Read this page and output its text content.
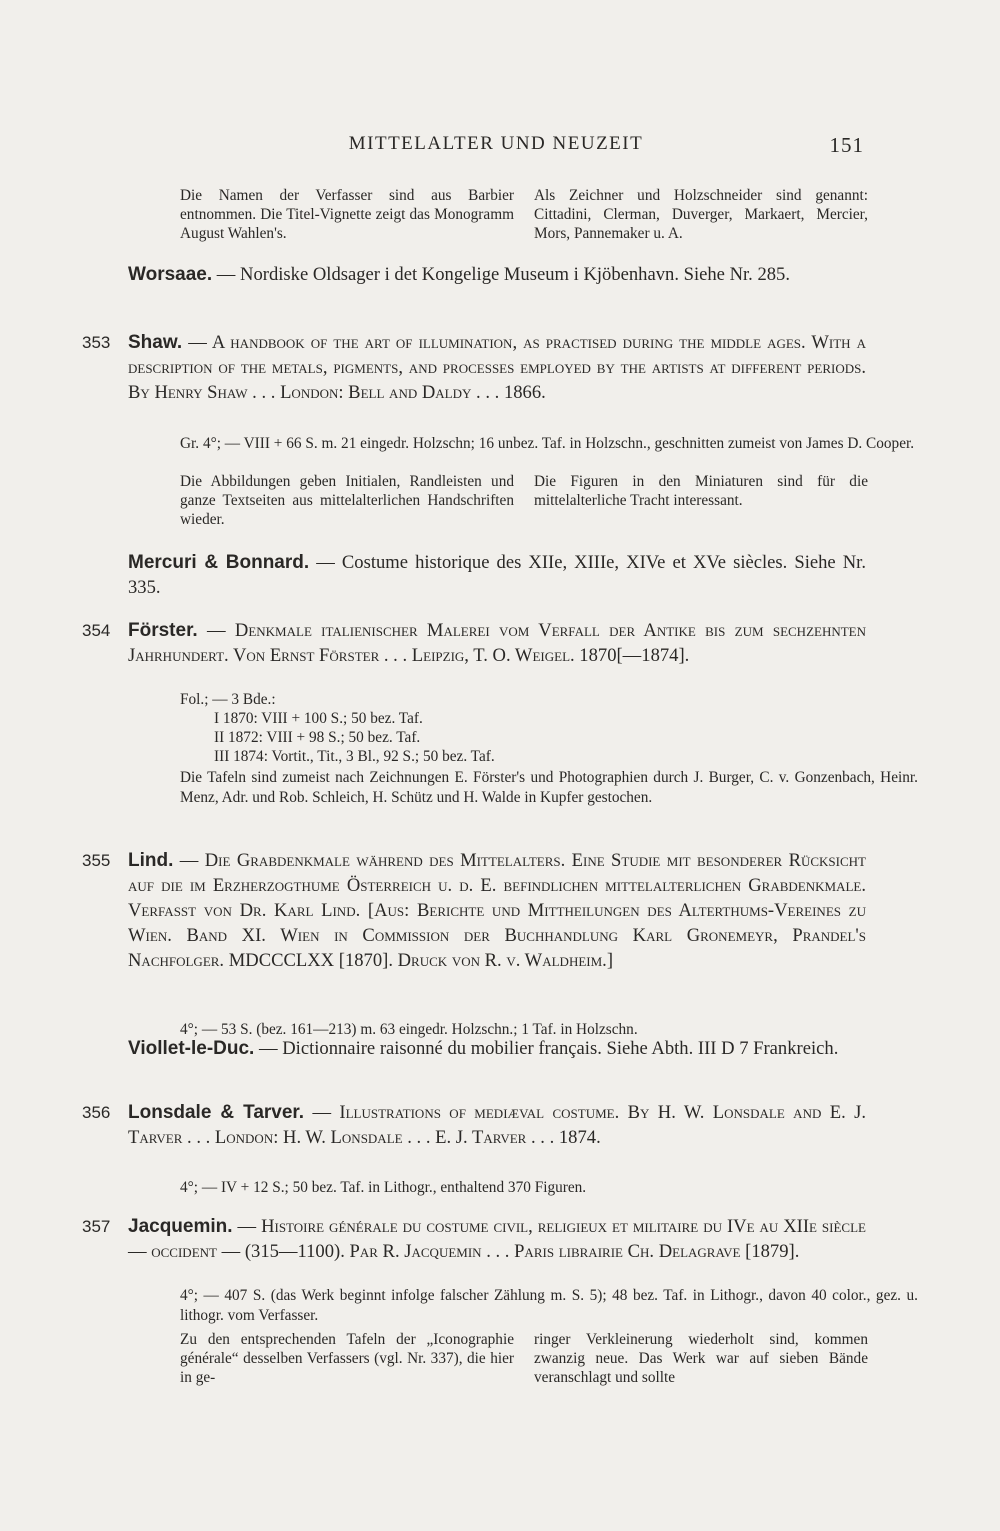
MITTELALTER UND NEUZEIT	151
Die Namen der Verfasser sind aus Barbier entnommen. Die Titel-Vignette zeigt das Monogramm August Wahlen's.
Als Zeichner und Holzschneider sind genannt: Cittadini, Clerman, Duverger, Markaert, Mercier, Mors, Pannemaker u. A.
Worsaae. — Nordiske Oldsager i det Kongelige Museum i Kjöbenhavn. Siehe Nr. 285.
353 Shaw. — A handbook of the art of illumination, as practised during the middle ages. With a description of the metals, pigments, and processes employed by the artists at different periods. By Henry Shaw . . . London: Bell and Daldy . . . 1866.
Gr. 4°; — VIII + 66 S. m. 21 eingedr. Holzschn; 16 unbez. Taf. in Holzschn., geschnitten zumeist von James D. Cooper.
Die Abbildungen geben Initialen, Randleisten und ganze Textseiten aus mittelalterlichen Handschriften wieder.
Die Figuren in den Miniaturen sind für die mittelalterliche Tracht interessant.
Mercuri & Bonnard. — Costume historique des XIIe, XIIIe, XIVe et XVe siècles. Siehe Nr. 335.
354 Förster. — Denkmale italienischer Malerei vom Verfall der Antike bis zum sechzehnten Jahrhundert. Von Ernst Förster . . . Leipzig, T. O. Weigel. 1870[—1874].
Fol.; — 3 Bde.:
I 1870: VIII + 100 S.; 50 bez. Taf.
II 1872: VIII + 98 S.; 50 bez. Taf.
III 1874: Vortit., Tit., 3 Bl., 92 S.; 50 bez. Taf.
Die Tafeln sind zumeist nach Zeichnungen E. Förster's und Photographien durch J. Burger, C. v. Gonzenbach, Heinr. Menz, Adr. und Rob. Schleich, H. Schütz und H. Walde in Kupfer gestochen.
355 Lind. — Die Grabdenkmale während des Mittelalters. Eine Studie mit besonderer Rücksicht auf die im Erzherzogthume Österreich u. d. E. befindlichen mittelalterlichen Grabdenkmale. Verfasst von Dr. Karl Lind. [Aus: Berichte und Mittheilungen des Alterthums-Vereines zu Wien. Band XI. Wien in Commission der Buchhandlung Karl Gronemeyr, Prandel's Nachfolger. MDCCCLXX [1870]. Druck von R. v. Waldheim.]
4°; — 53 S. (bez. 161—213) m. 63 eingedr. Holzschn.; 1 Taf. in Holzschn.
Viollet-le-Duc. — Dictionnaire raisonné du mobilier français. Siehe Abth. III D 7 Frankreich.
356 Lonsdale & Tarver. — Illustrations of mediæval costume. By H. W. Lonsdale and E. J. Tarver . . . London: H. W. Lonsdale . . . E. J. Tarver . . . 1874.
4°; — IV + 12 S.; 50 bez. Taf. in Lithogr., enthaltend 370 Figuren.
357 Jacquemin. — Histoire générale du costume civil, religieux et militaire du IVe au XIIe siècle — occident — (315—1100). Par R. Jacquemin . . . Paris librairie Ch. Delagrave [1879].
4°; — 407 S. (das Werk beginnt infolge falscher Zählung m. S. 5); 48 bez. Taf. in Lithogr., davon 40 color., gez. u. lithogr. vom Verfasser.
Zu den entsprechenden Tafeln der „Iconographie générale“ desselben Verfassers (vgl. Nr. 337), die hier in ge-
ringer Verkleinerung wiederholt sind, kommen zwanzig neue. Das Werk war auf sieben Bände veranschlagt und sollte
